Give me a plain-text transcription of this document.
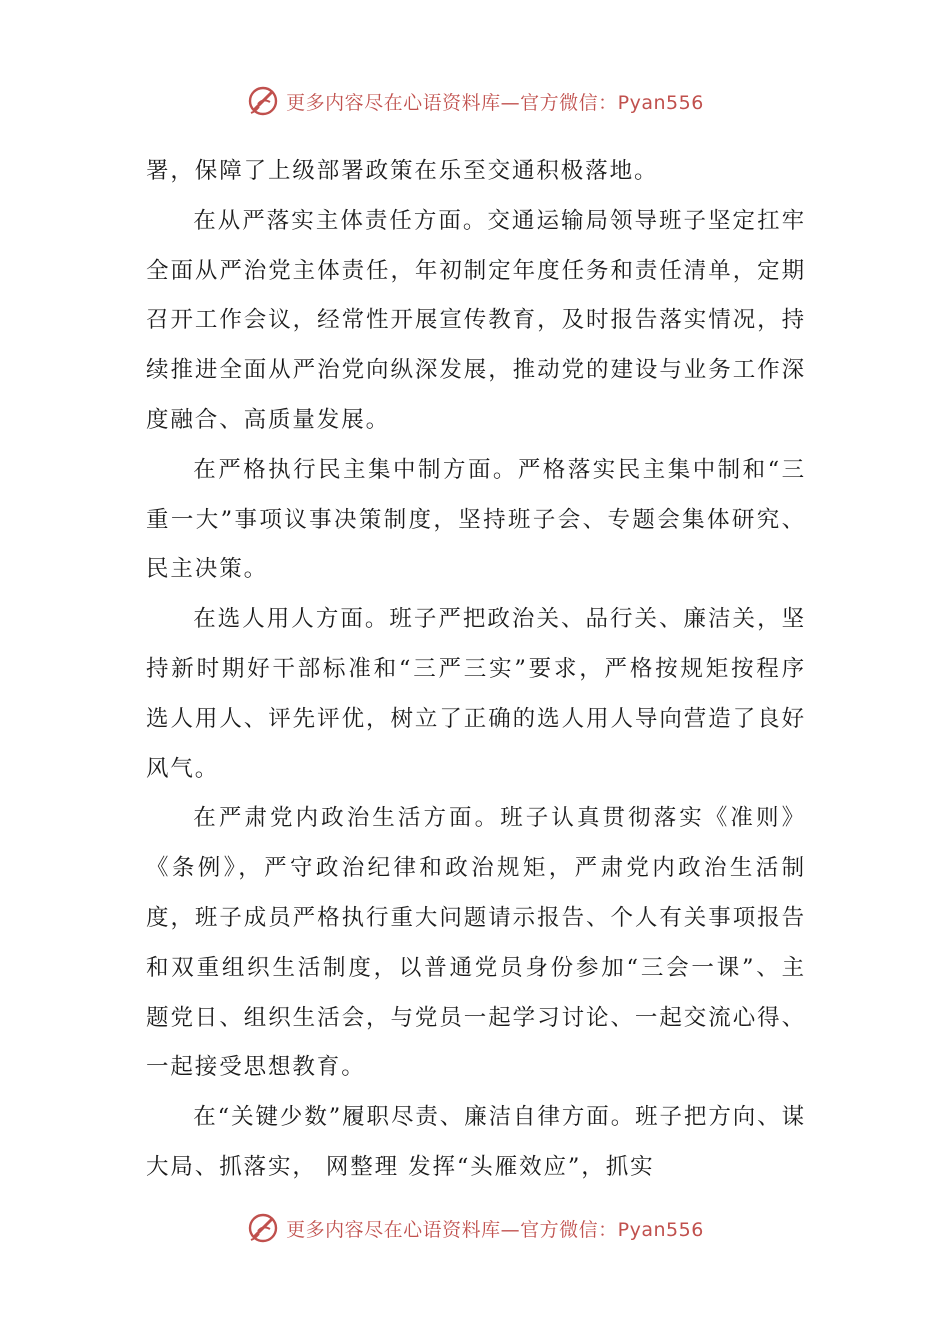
更多内容尽在心语资料库—官方微信：Pyan556

署，保障了上级部署政策在乐至交通积极落地。

在从严落实主体责任方面。交通运输局领导班子坚定扛牢全面从严治党主体责任，年初制定年度任务和责任清单，定期召开工作会议，经常性开展宣传教育，及时报告落实情况，持续推进全面从严治党向纵深发展，推动党的建设与业务工作深度融合、高质量发展。

在严格执行民主集中制方面。严格落实民主集中制和“三重一大”事项议事决策制度，坚持班子会、专题会集体研究、民主决策。

在选人用人方面。班子严把政治关、品行关、廉洁关，坚持新时期好干部标准和“三严三实”要求，严格按规矩按程序选人用人、评先评优，树立了正确的选人用人导向营造了良好风气。

在严肃党内政治生活方面。班子认真贯彻落实《准则》《条例》，严守政治纪律和政治规矩，严肃党内政治生活制度，班子成员严格执行重大问题请示报告、个人有关事项报告和双重组织生活制度，以普通党员身份参加“三会一课”、主题党日、组织生活会，与党员一起学习讨论、一起交流心得、一起接受思想教育。

在“关键少数”履职尽责、廉洁自律方面。班子把方向、谋大局、抓落实， 网整理 发挥“头雁效应”，抓实

更多内容尽在心语资料库—官方微信：Pyan556
